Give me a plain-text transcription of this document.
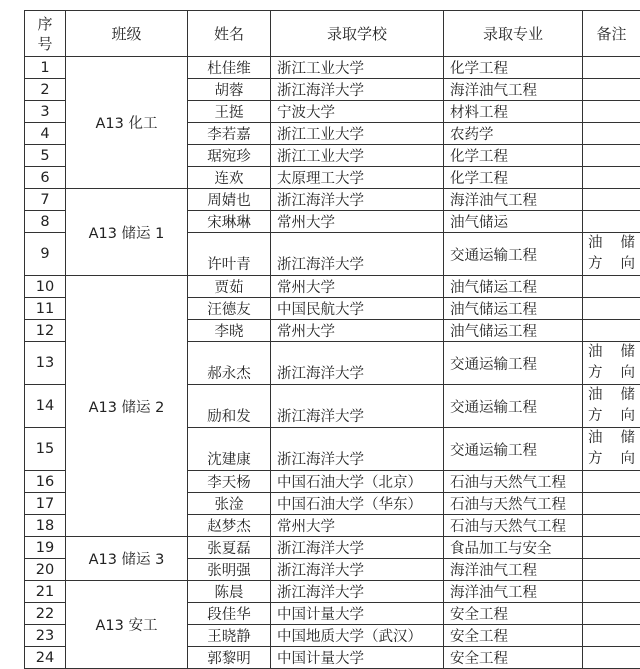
序
号	班级	姓名	录取学校	录取专业	备注
1	A13 化工	杜佳维	浙江工业大学	化学工程	
2		胡蓉	浙江海洋大学	海洋油气工程	
3		王挺	宁波大学	材料工程	
4		李若嘉	浙江工业大学	农药学	
5		琚宛珍	浙江工业大学	化学工程	
6		连欢	太原理工大学	化学工程	
7	A13 储运 1	周婧也	浙江海洋大学	海洋油气工程	
8		宋琳琳	常州大学	油气储运	
9		许叶青	浙江海洋大学	交通运输工程	油 储 方向
10	A13 储运 2	贾茹	常州大学	油气储运工程	
11		汪德友	中国民航大学	油气储运工程	
12		李晓	常州大学	油气储运工程	
13		郝永杰	浙江海洋大学	交通运输工程	油 储 方向
14		励和发	浙江海洋大学	交通运输工程	油 储 方向
15		沈建康	浙江海洋大学	交通运输工程	油 储 方向
16		李天杨	中国石油大学（北京）	石油与天然气工程	
17		张淦	中国石油大学（华东）	石油与天然气工程	
18		赵梦杰	常州大学	石油与天然气工程	
19	A13 储运 3	张夏磊	浙江海洋大学	食品加工与安全	
20		张明强	浙江海洋大学	海洋油气工程	
21	A13 安工	陈晨	浙江海洋大学	海洋油气工程	
22		段佳华	中国计量大学	安全工程	
23		王晓静	中国地质大学（武汉）	安全工程	
24		郭黎明	中国计量大学	安全工程	
